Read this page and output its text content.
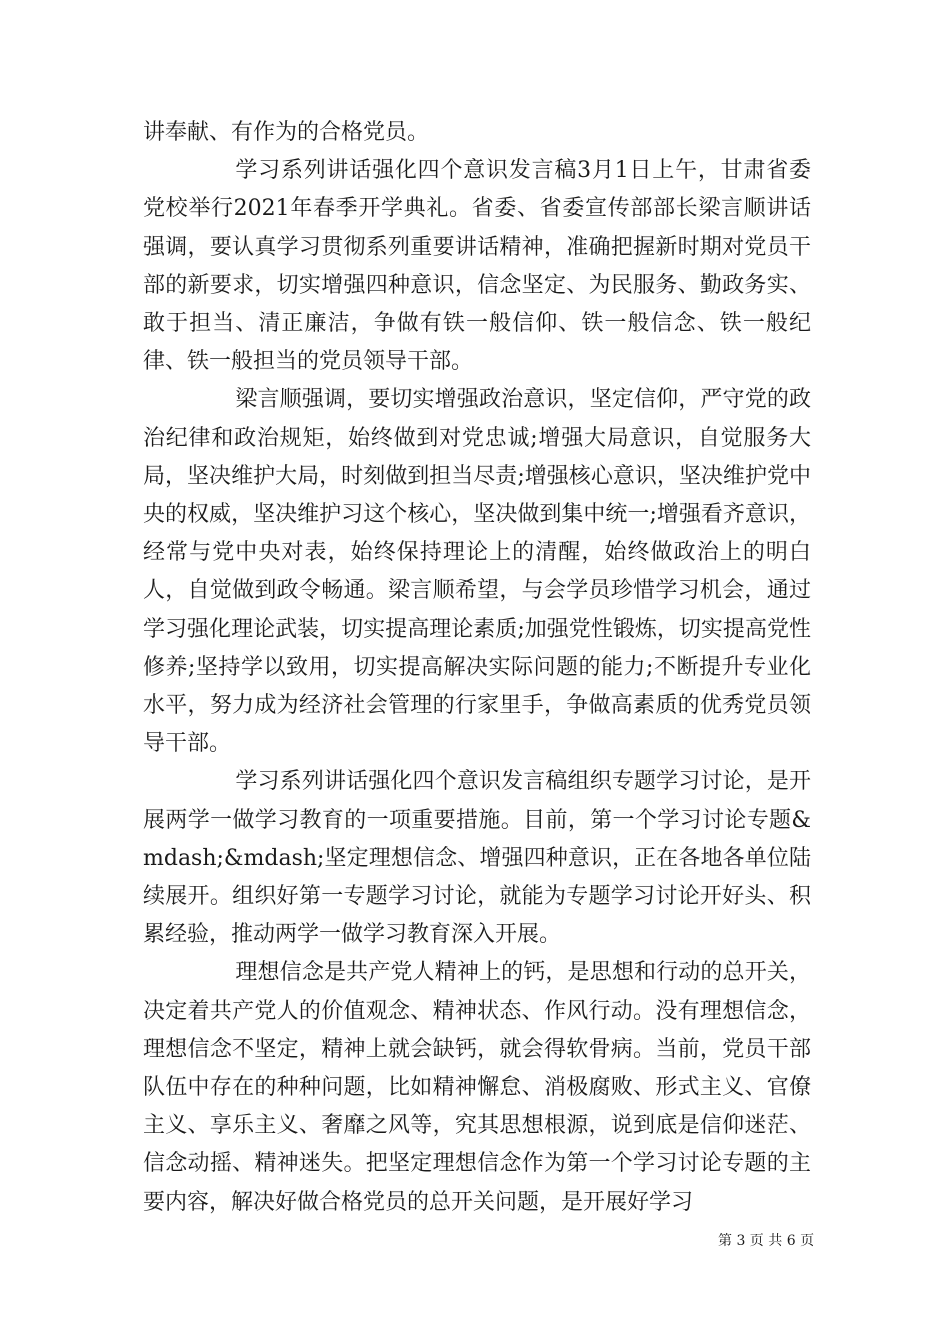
讲奉献、有作为的合格党员。

学习系列讲话强化四个意识发言稿3月1日上午，甘肃省委党校举行2021年春季开学典礼。省委、省委宣传部部长梁言顺讲话强调，要认真学习贯彻系列重要讲话精神，准确把握新时期对党员干部的新要求，切实增强四种意识，信念坚定、为民服务、勤政务实、敢于担当、清正廉洁，争做有铁一般信仰、铁一般信念、铁一般纪律、铁一般担当的党员领导干部。

梁言顺强调，要切实增强政治意识，坚定信仰，严守党的政治纪律和政治规矩，始终做到对党忠诚;增强大局意识，自觉服务大局，坚决维护大局，时刻做到担当尽责;增强核心意识，坚决维护党中央的权威，坚决维护习这个核心，坚决做到集中统一;增强看齐意识，经常与党中央对表，始终保持理论上的清醒，始终做政治上的明白人，自觉做到政令畅通。梁言顺希望，与会学员珍惜学习机会，通过学习强化理论武装，切实提高理论素质;加强党性锻炼，切实提高党性修养;坚持学以致用，切实提高解决实际问题的能力;不断提升专业化水平，努力成为经济社会管理的行家里手，争做高素质的优秀党员领导干部。

学习系列讲话强化四个意识发言稿组织专题学习讨论，是开展两学一做学习教育的一项重要措施。目前，第一个学习讨论专题&mdash;&mdash;坚定理想信念、增强四种意识，正在各地各单位陆续展开。组织好第一专题学习讨论，就能为专题学习讨论开好头、积累经验，推动两学一做学习教育深入开展。

理想信念是共产党人精神上的钙，是思想和行动的总开关，决定着共产党人的价值观念、精神状态、作风行动。没有理想信念，理想信念不坚定，精神上就会缺钙，就会得软骨病。当前，党员干部队伍中存在的种种问题，比如精神懈怠、消极腐败、形式主义、官僚主义、享乐主义、奢靡之风等，究其思想根源，说到底是信仰迷茫、信念动摇、精神迷失。把坚定理想信念作为第一个学习讨论专题的主要内容，解决好做合格党员的总开关问题，是开展好学习

第 3 页 共 6 页
